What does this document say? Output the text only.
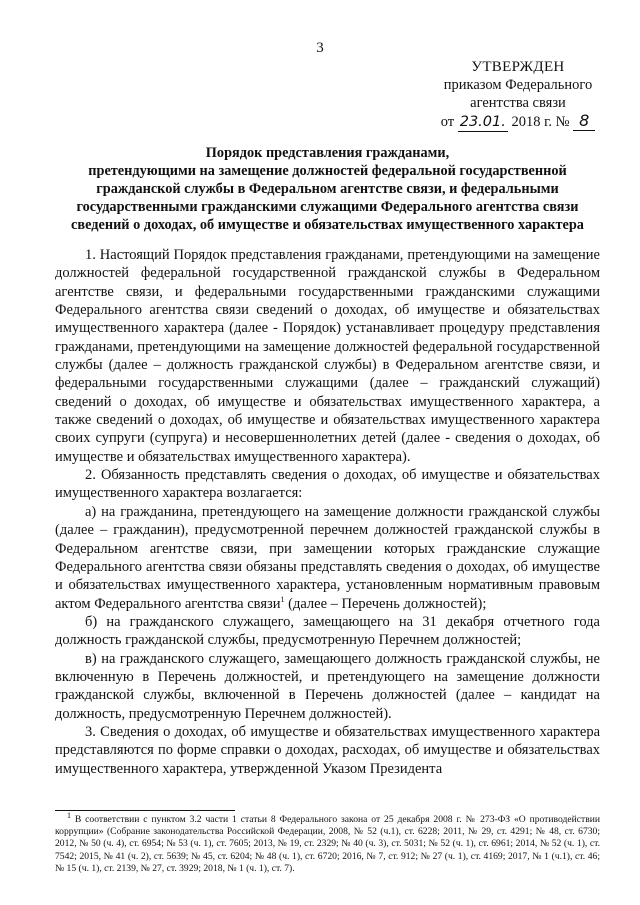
3
УТВЕРЖДЕН
приказом Федерального
агентства связи
от 23.01. 2018 г. № 8
Порядок представления гражданами,
претендующими на замещение должностей федеральной государственной
гражданской службы в Федеральном агентстве связи, и федеральными
государственными гражданскими служащими Федерального агентства связи
сведений о доходах, об имуществе и обязательствах имущественного характера

1. Настоящий Порядок представления гражданами, претендующими на замещение должностей федеральной государственной гражданской службы в Федеральном агентстве связи, и федеральными государственными гражданскими служащими Федерального агентства связи сведений о доходах, об имуществе и обязательствах имущественного характера (далее - Порядок) устанавливает процедуру представления гражданами, претендующими на замещение должностей федеральной государственной службы (далее – должность гражданской службы) в Федеральном агентстве связи, и федеральными государственными служащими (далее – гражданский служащий) сведений о доходах, об имуществе и обязательствах имущественного характера, а также сведений о доходах, об имуществе и обязательствах имущественного характера своих супруги (супруга) и несовершеннолетних детей (далее - сведения о доходах, об имуществе и обязательствах имущественного характера).

2. Обязанность представлять сведения о доходах, об имуществе и обязательствах имущественного характера возлагается:

а) на гражданина, претендующего на замещение должности гражданской службы (далее – гражданин), предусмотренной перечнем должностей гражданской службы в Федеральном агентстве связи, при замещении которых гражданские служащие Федерального агентства связи обязаны представлять сведения о доходах, об имуществе и обязательствах имущественного характера, установленным нормативным правовым актом Федерального агентства связи$^1$ (далее – Перечень должностей);

б) на гражданского служащего, замещающего на 31 декабря отчетного года должность гражданской службы, предусмотренную Перечнем должностей;

в) на гражданского служащего, замещающего должность гражданской службы, не включенную в Перечень должностей, и претендующего на замещение должности гражданской службы, включенной в Перечень должностей (далее – кандидат на должность, предусмотренную Перечнем должностей).

3. Сведения о доходах, об имуществе и обязательствах имущественного характера представляются по форме справки о доходах, расходах, об имуществе и обязательствах имущественного характера, утвержденной Указом Президента

$^1$ В соответствии с пунктом 3.2 части 1 статьи 8 Федерального закона от 25 декабря 2008 г. № 273-ФЗ «О противодействии коррупции» (Собрание законодательства Российской Федерации, 2008, № 52 (ч.1), ст. 6228; 2011, № 29, ст. 4291; № 48, ст. 6730; 2012, № 50 (ч. 4), ст. 6954; № 53 (ч. 1), ст. 7605; 2013, № 19, ст. 2329; № 40 (ч. 3), ст. 5031; № 52 (ч. 1), ст. 6961; 2014, № 52 (ч. 1), ст. 7542; 2015, № 41 (ч. 2), ст. 5639; № 45, ст. 6204; № 48 (ч. 1), ст. 6720; 2016, № 7, ст. 912; № 27 (ч. 1), ст. 4169; 2017, № 1 (ч.1), ст. 46; № 15 (ч. 1), ст. 2139, № 27, ст. 3929; 2018, № 1 (ч. 1), ст. 7).
